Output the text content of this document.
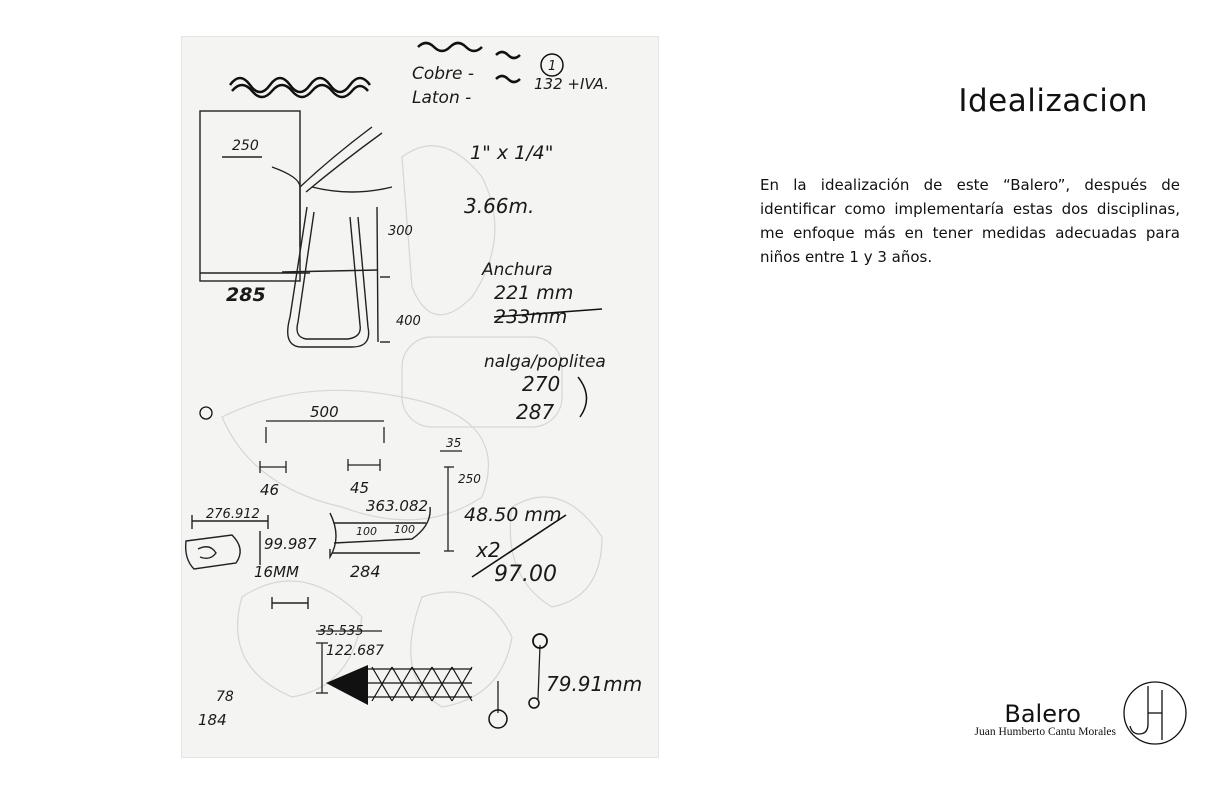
1
Cobre -	132 +IVA.
Laton -
250
300
400
285
1" x 1/4"
3.66m.
Anchura
221 mm
233mm
nalga/poplitea
270
287
500
46	45
35
250
363.082 48.50 mm
276.912
99.987
16MM	284
100 100
x2
97.00
35.535
122.687
79.91mm
78
184
Idealizacion

En la idealización de este “Balero”, después de identificar como implementaría estas dos disciplinas, me enfoque más en tener medidas adecuadas para niños entre 1 y 3 años.

Balero
Juan Humberto Cantu Morales
